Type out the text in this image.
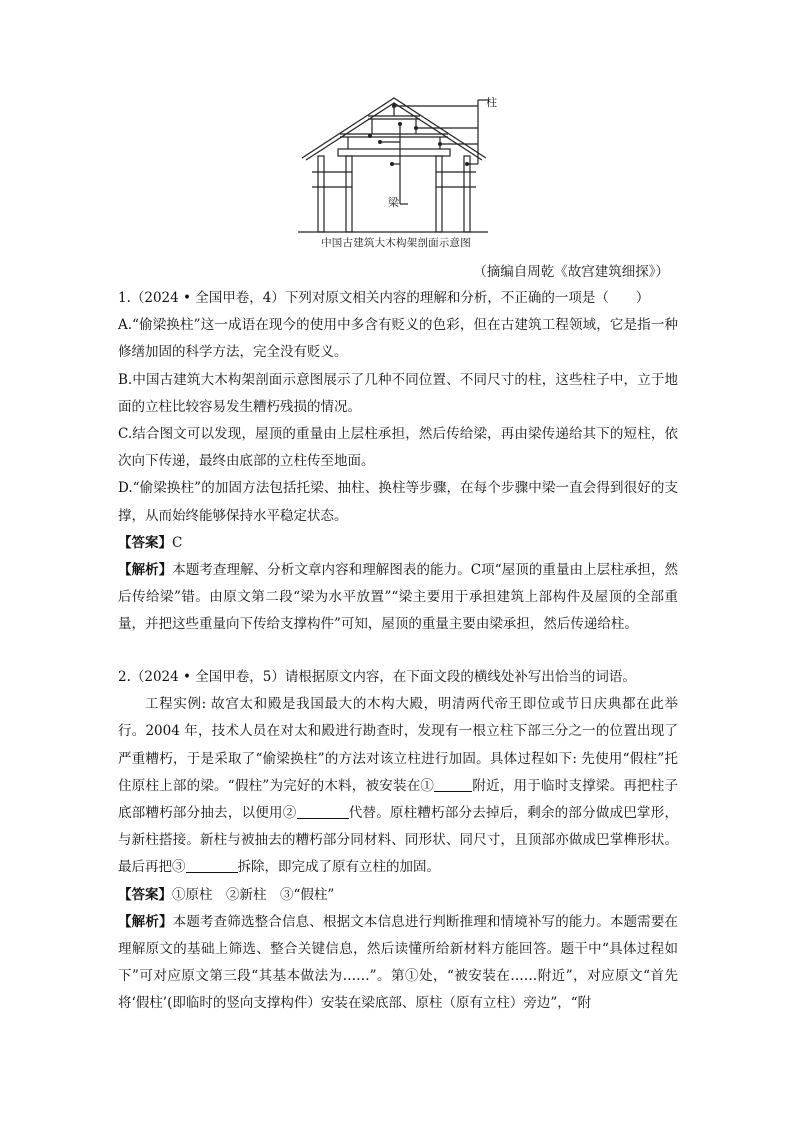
柱
梁
中国古建筑大木构架剖面示意图
（摘编自周乾《故宫建筑细探》）

1.（2024 • 全国甲卷，4）下列对原文相关内容的理解和分析，不正确的一项是（　　）

A.“偷梁换柱”这一成语在现今的使用中多含有贬义的色彩，但在古建筑工程领域，它是指一种修缮加固的科学方法，完全没有贬义。

B.中国古建筑大木构架剖面示意图展示了几种不同位置、不同尺寸的柱，这些柱子中，立于地面的立柱比较容易发生糟朽残损的情况。

C.结合图文可以发现，屋顶的重量由上层柱承担，然后传给梁，再由梁传递给其下的短柱，依次向下传递，最终由底部的立柱传至地面。

D.“偷梁换柱”的加固方法包括托梁、抽柱、换柱等步骤，在每个步骤中梁一直会得到很好的支撑，从而始终能够保持水平稳定状态。

【答案】C

【解析】本题考查理解、分析文章内容和理解图表的能力。C项“屋顶的重量由上层柱承担，然后传给梁”错。由原文第二段“梁为水平放置”“梁主要用于承担建筑上部构件及屋顶的全部重量，并把这些重量向下传给支撑构件”可知，屋顶的重量主要由梁承担，然后传递给柱。

2.（2024 • 全国甲卷，5）请根据原文内容，在下面文段的横线处补写出恰当的词语。

工程实例: 故宫太和殿是我国最大的木构大殿，明清两代帝王即位或节日庆典都在此举行。2004 年，技术人员在对太和殿进行勘查时，发现有一根立柱下部三分之一的位置出现了严重糟朽，于是采取了“偷梁换柱”的方法对该立柱进行加固。具体过程如下: 先使用“假柱”托住原柱上部的梁。“假柱”为完好的木料，被安装在①	附近，用于临时支撑梁。再把柱子底部糟朽部分抽去，以便用②	代替。原柱糟朽部分去掉后，剩余的部分做成巴掌形，与新柱搭接。新柱与被抽去的糟朽部分同材料、同形状、同尺寸，且顶部亦做成巴掌榫形状。最后再把③	拆除，即完成了原有立柱的加固。

【答案】①原柱　②新柱　③“假柱”

【解析】本题考查筛选整合信息、根据文本信息进行判断推理和情境补写的能力。本题需要在理解原文的基础上筛选、整合关键信息，然后读懂所给新材料方能回答。题干中“具体过程如下”可对应原文第三段“其基本做法为……”。第①处，“被安装在……附近”，对应原文“首先将‘假柱’(即临时的竖向支撑构件）安装在梁底部、原柱（原有立柱）旁边”，“附
